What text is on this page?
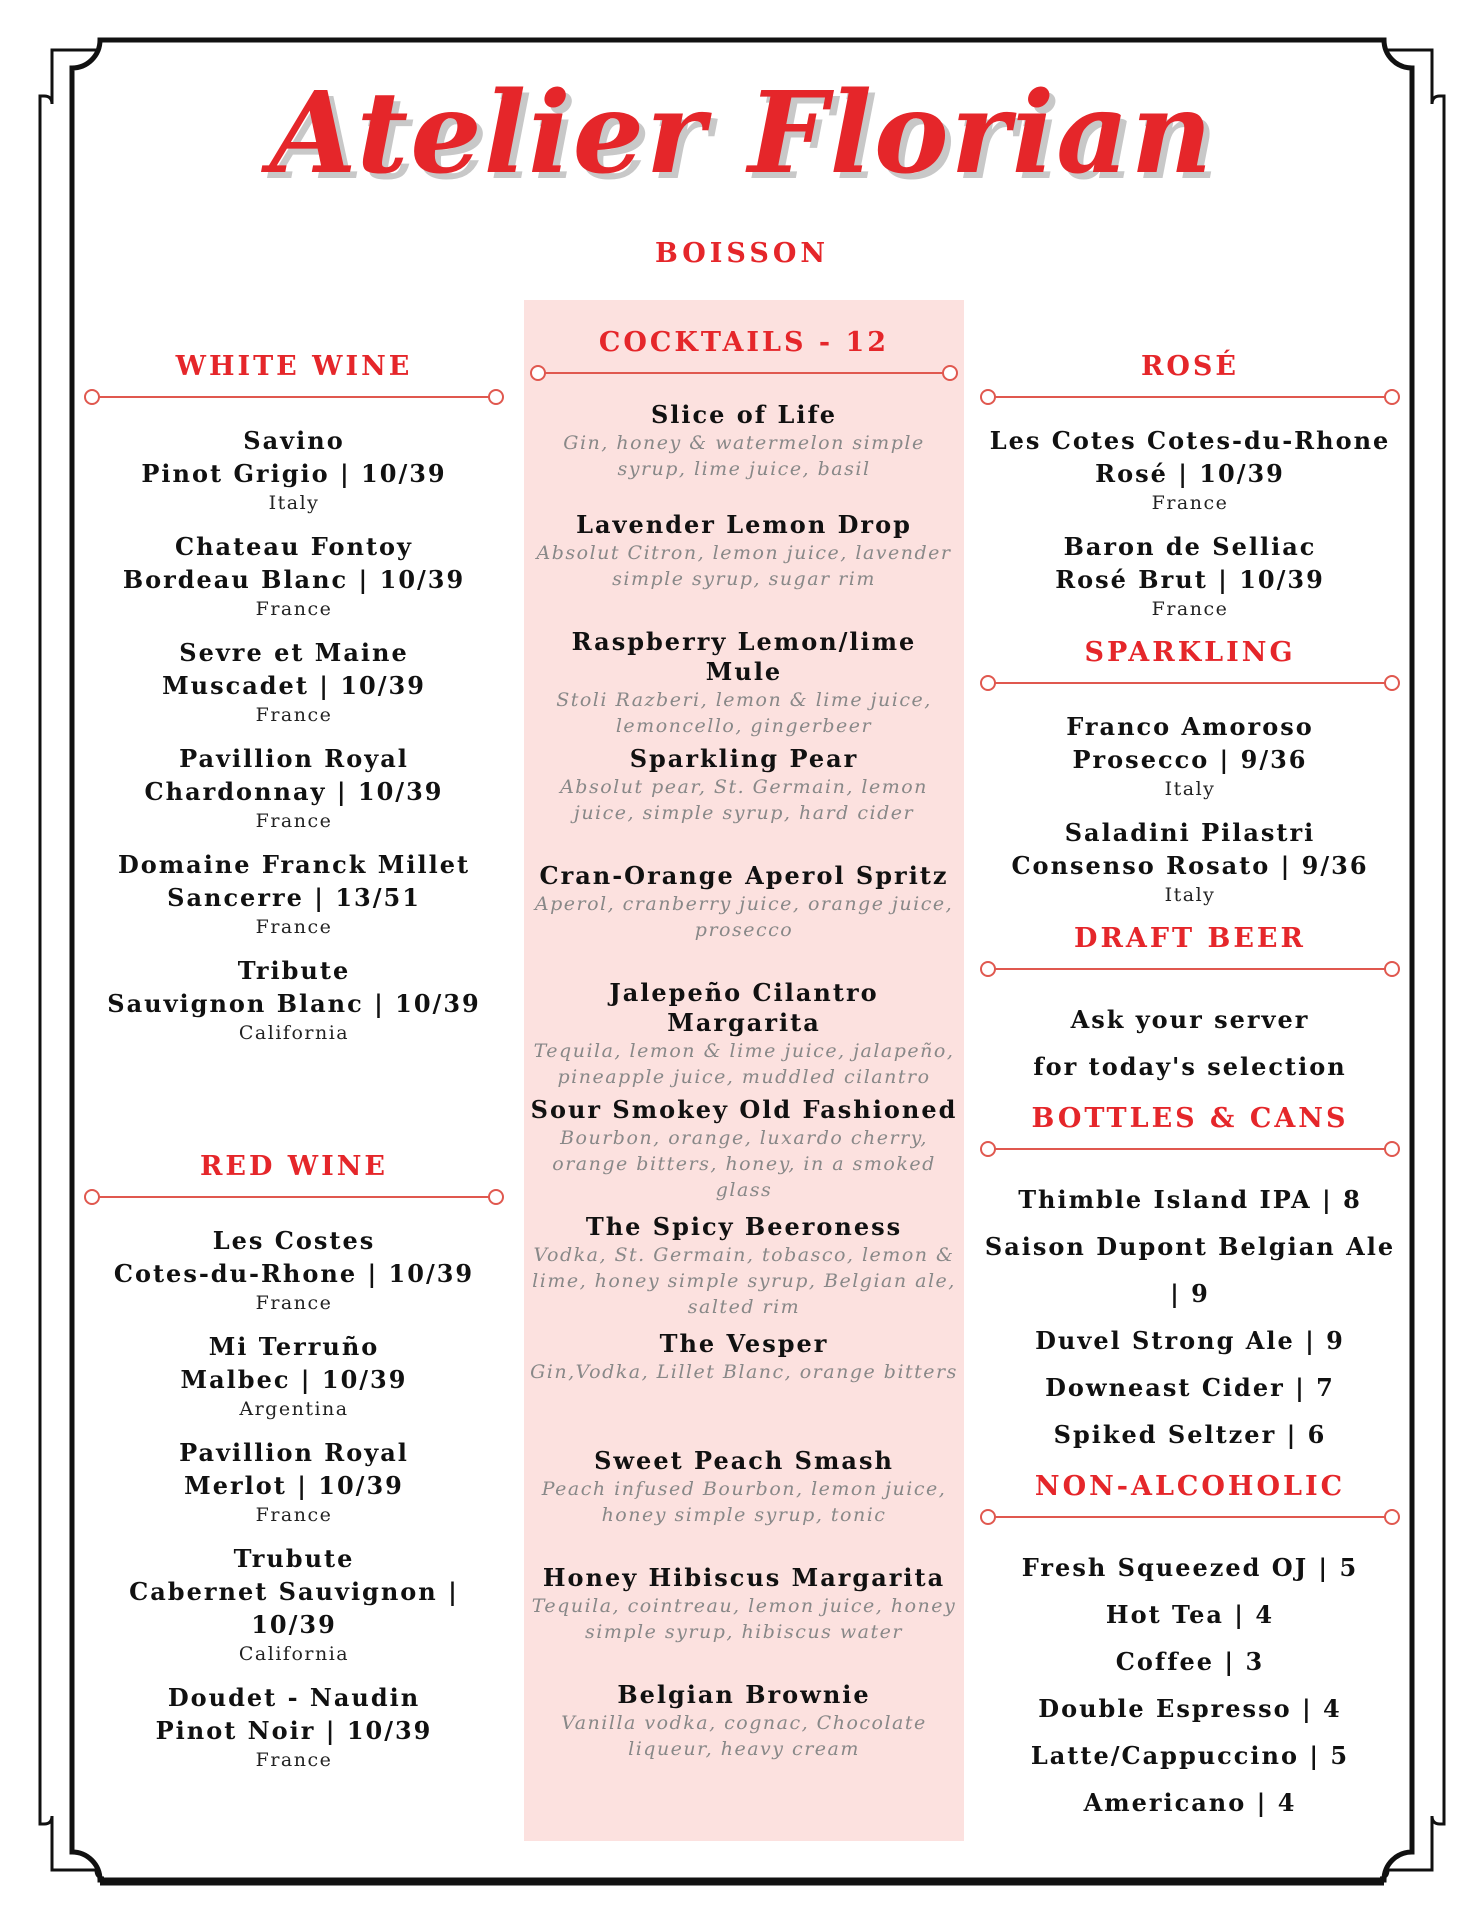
Atelier Florian
BOISSON
WHITE WINE
Savino
Pinot Grigio | 10/39
Italy
Chateau Fontoy
Bordeau Blanc | 10/39
France
Sevre et Maine
Muscadet | 10/39
France
Pavillion Royal
Chardonnay | 10/39
France
Domaine Franck Millet
Sancerre | 13/51
France
Tribute
Sauvignon Blanc | 10/39
California
RED WINE
Les Costes
Cotes-du-Rhone | 10/39
France
Mi Terruño
Malbec | 10/39
Argentina
Pavillion Royal
Merlot | 10/39
France
Trubute
Cabernet Sauvignon | 10/39
California
Doudet - Naudin
Pinot Noir | 10/39
France
COCKTAILS - 12
Slice of Life
Gin, honey & watermelon simple syrup, lime juice, basil
Lavender Lemon Drop
Absolut Citron, lemon juice, lavender simple syrup, sugar rim
Raspberry Lemon/lime Mule
Stoli Razberi, lemon & lime juice, lemoncello, gingerbeer
Sparkling Pear
Absolut pear, St. Germain, lemon juice, simple syrup, hard cider
Cran-Orange Aperol Spritz
Aperol, cranberry juice, orange juice, prosecco
Jalepeño Cilantro Margarita
Tequila, lemon & lime juice, jalapeño, pineapple juice, muddled cilantro
Sour Smokey Old Fashioned
Bourbon, orange, luxardo cherry, orange bitters, honey, in a smoked glass
The Spicy Beeroness
Vodka, St. Germain, tobasco, lemon & lime, honey simple syrup, Belgian ale, salted rim
The Vesper
Gin,Vodka, Lillet Blanc, orange bitters
Sweet Peach Smash
Peach infused Bourbon, lemon juice, honey simple syrup, tonic
Honey Hibiscus Margarita
Tequila, cointreau, lemon juice, honey simple syrup, hibiscus water
Belgian Brownie
Vanilla vodka, cognac, Chocolate liqueur, heavy cream
ROSÉ
Les Cotes Cotes-du-Rhone
Rosé | 10/39
France
Baron de Selliac
Rosé Brut | 10/39
France
SPARKLING
Franco Amoroso
Prosecco | 9/36
Italy
Saladini Pilastri
Consenso Rosato | 9/36
Italy
DRAFT BEER
Ask your server
for today's selection
BOTTLES & CANS
Thimble Island IPA | 8
Saison Dupont Belgian Ale | 9
Duvel Strong Ale | 9
Downeast Cider | 7
Spiked Seltzer | 6
NON-ALCOHOLIC
Fresh Squeezed OJ | 5
Hot Tea | 4
Coffee | 3
Double Espresso | 4
Latte/Cappuccino | 5
Americano | 4
